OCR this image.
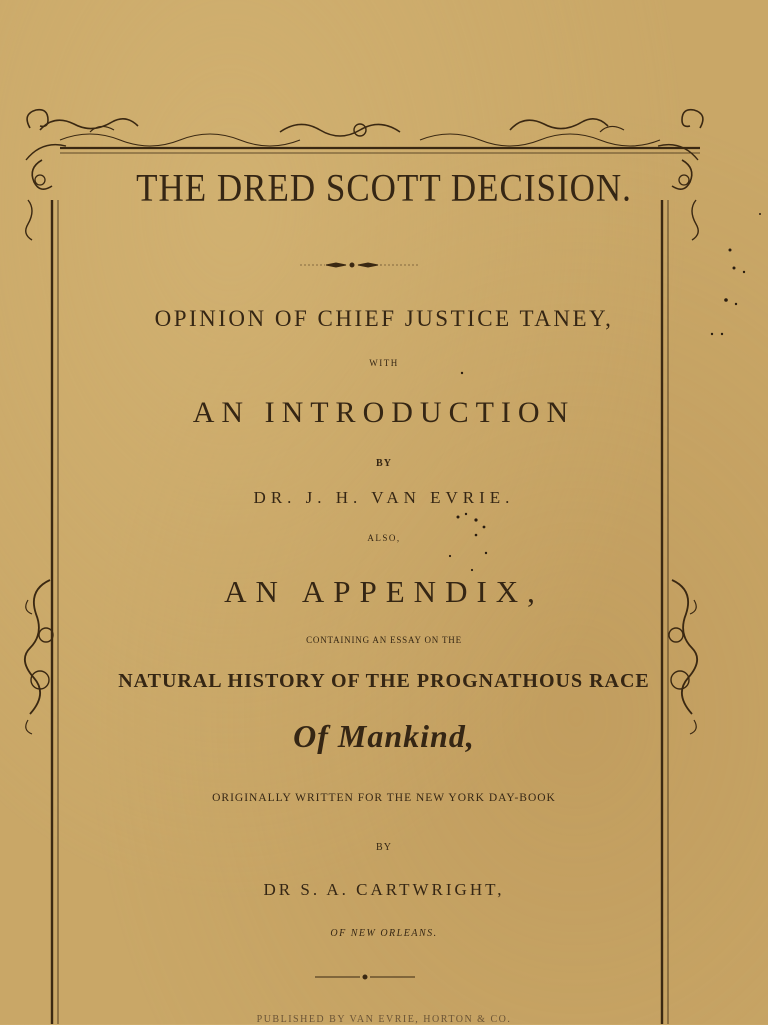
THE DRED SCOTT DECISION.
OPINION OF CHIEF JUSTICE TANEY,
WITH
AN INTRODUCTION
BY
DR. J. H. VAN EVRIE.
ALSO,
AN APPENDIX,
CONTAINING AN ESSAY ON THE
NATURAL HISTORY OF THE PROGNATHOUS RACE
Of Mankind,
ORIGINALLY WRITTEN FOR THE NEW YORK DAY-BOOK
BY
DR S. A. CARTWRIGHT,
OF NEW ORLEANS.
PUBLISHED BY VAN EVRIE, HORTON & CO.
